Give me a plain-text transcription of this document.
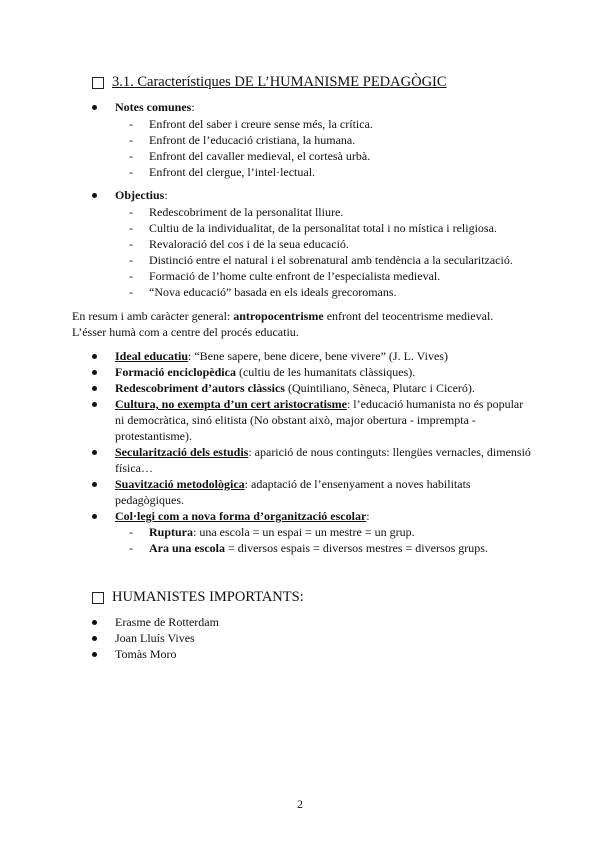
3.1. Característiques DE L’HUMANISME PEDAGÒGIC
Notes comunes:
- Enfront del saber i creure sense més, la crítica.
- Enfront de l’educació cristiana, la humana.
- Enfront del cavaller medieval, el cortesà urbà.
- Enfront del clergue, l’intel·lectual.
Objectius:
- Redescobriment de la personalitat lliure.
- Cultiu de la individualitat, de la personalitat total i no mística i religiosa.
- Revaloració del cos i de la seua educació.
- Distinció entre el natural i el sobrenatural amb tendència a la secularització.
- Formació de l’home culte enfront de l’especialista medieval.
- “Nova educació” basada en els ideals grecoromans.
En resum i amb caràcter general: antropocentrisme enfront del teocentrisme medieval.
L’ésser humà com a centre del procés educatiu.
Ideal educatiu: “Bene sapere, bene dicere, bene vivere” (J. L. Vives)
Formació enciclopèdica (cultiu de les humanitats clàssiques).
Redescobriment d’autors clàssics (Quintiliano, Sèneca, Plutarc i Ciceró).
Cultura, no exempta d’un cert aristocratisme: l’educació humanista no és popular ni democràtica, sinó elitista (No obstant això, major obertura - imprempta -protestantisme).
Secularització dels estudis: aparició de nous continguts: llengües vernacles, dimensió física…
Suavització metodològica: adaptació de l’ensenyament a noves habilitats pedagògiques.
Col·legi com a nova forma d’organització escolar:
- Ruptura: una escola = un espai = un mestre = un grup.
- Ara una escola = diversos espais = diversos mestres = diversos grups.
HUMANISTES IMPORTANTS:
Erasme de Rotterdam
Joan Lluís Vives
Tomàs Moro
2
